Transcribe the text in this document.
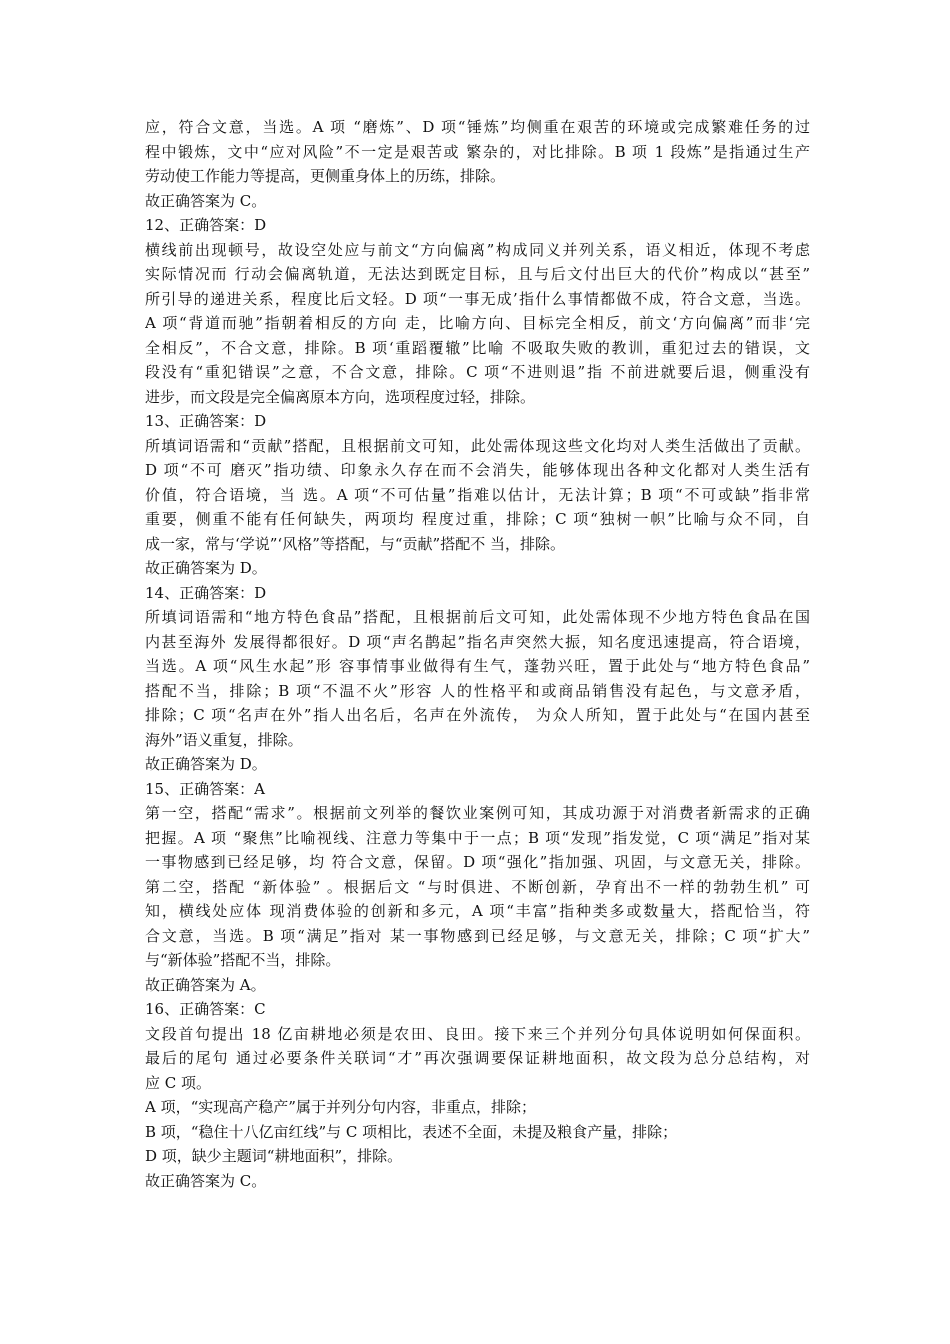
应，符合文意，当选。A 项 “磨炼”、D 项“锤炼”均侧重在艰苦的环境或完成繁难任务的过
程中锻炼，文中“应对风险”不一定是艰苦或 繁杂的，对比排除。B 项 1 段炼”是指通过生产
劳动使工作能力等提高，更侧重身体上的历练，排除。
故正确答案为 C。
12、正确答案：D
横线前出现顿号，故设空处应与前文“方向偏离”构成同义并列关系，语义相近，体现不考虑
实际情况而 行动会偏离轨道，无法达到既定目标，且与后文付出巨大的代价”构成以“甚至”
所引导的递进关系，程度比后文轻。D 项“一事无成’指什么事情都做不成，符合文意，当选。
A 项“背道而驰”指朝着相反的方向 走，比喻方向、目标完全相反，前文‘方向偏离”而非‘完
全相反”，不合文意，排除。B 项‘重蹈覆辙”比喻 不吸取失败的教训，重犯过去的错误，文
段没有“重犯错误”之意，不合文意，排除。C 项“不进则退”指 不前进就要后退，侧重没有
进步，而文段是完全偏离原本方向，选项程度过轻，排除。
13、正确答案：D
所填词语需和“贡献”搭配，且根据前文可知，此处需体现这些文化均对人类生活做出了贡献。
D 项“不可 磨灭”指功绩、印象永久存在而不会消失，能够体现出各种文化都对人类生活有
价值，符合语境，当 选。A 项“不可估量”指难以估计，无法计算；B 项“不可或缺”指非常
重要，侧重不能有任何缺失，两项均 程度过重，排除；C 项“独树一帜”比喻与众不同，自
成一家，常与‘学说”‘风格”等搭配，与“贡献”搭配不 当，排除。
故正确答案为 D。
14、正确答案：D
所填词语需和“地方特色食品”搭配，且根据前后文可知，此处需体现不少地方特色食品在国
内甚至海外 发展得都很好。D 项“声名鹊起”指名声突然大振，知名度迅速提高，符合语境，
当选。A 项“风生水起”形 容事情事业做得有生气，蓬勃兴旺，置于此处与“地方特色食品”
搭配不当，排除；B 项“不温不火”形容 人的性格平和或商品销售没有起色，与文意矛盾，
排除；C 项“名声在外”指人出名后，名声在外流传， 为众人所知，置于此处与“在国内甚至
海外”语义重复，排除。
故正确答案为 D。
15、正确答案：A
第一空，搭配“需求”。根据前文列举的餐饮业案例可知，其成功源于对消费者新需求的正确
把握。A 项 “聚焦”比喻视线、注意力等集中于一点；B 项“发现”指发觉，C 项“满足”指对某
一事物感到已经足够，均 符合文意，保留。D 项“强化”指加强、巩固，与文意无关，排除。
第二空，搭配 “新体验” 。根据后文 “与时俱进、不断创新，孕育出不一样的勃勃生机” 可
知，横线处应体 现消费体验的创新和多元，A 项“丰富”指种类多或数量大，搭配恰当，符
合文意，当选。B 项“满足”指对 某一事物感到已经足够，与文意无关，排除；C 项“扩大”
与“新体验”搭配不当，排除。
故正确答案为 A。
16、正确答案：C
文段首句提出 18 亿亩耕地必须是农田、良田。接下来三个并列分句具体说明如何保面积。
最后的尾句 通过必要条件关联词“才”再次强调要保证耕地面积，故文段为总分总结构，对
应 C 项。
A 项，“实现高产稳产”属于并列分句内容，非重点，排除；
B 项，“稳住十八亿亩红线”与 C 项相比，表述不全面，未提及粮食产量，排除；
D 项，缺少主题词“耕地面积”，排除。
故正确答案为 C。
